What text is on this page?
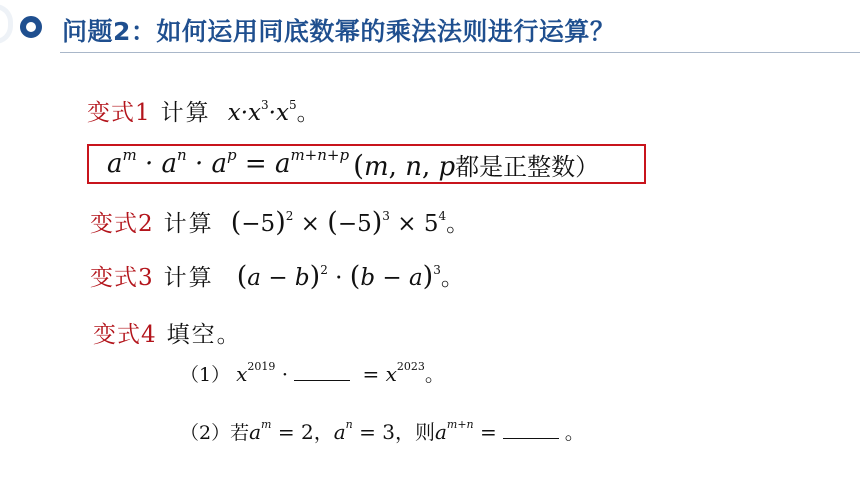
问题2：如何运用同底数幂的乘法法则进行运算？
变式1 计算 $x\cdot x^3\cdot x^5$。
$a^m \cdot a^n \cdot a^p = a^{m+n+p}$ (m, n, p都是正整数）
变式2 计算 $(-5)^2 \times (-5)^3 \times 5^4$。
变式3 计算 $(a - b)^2 \cdot (b - a)^3$。
变式4 填空。
（1） $x^{2019}$ ·	= $x^{2023}$。
（2）若$a^m = 2$，$a^n = 3$，则$a^{m+n}$ =	。
